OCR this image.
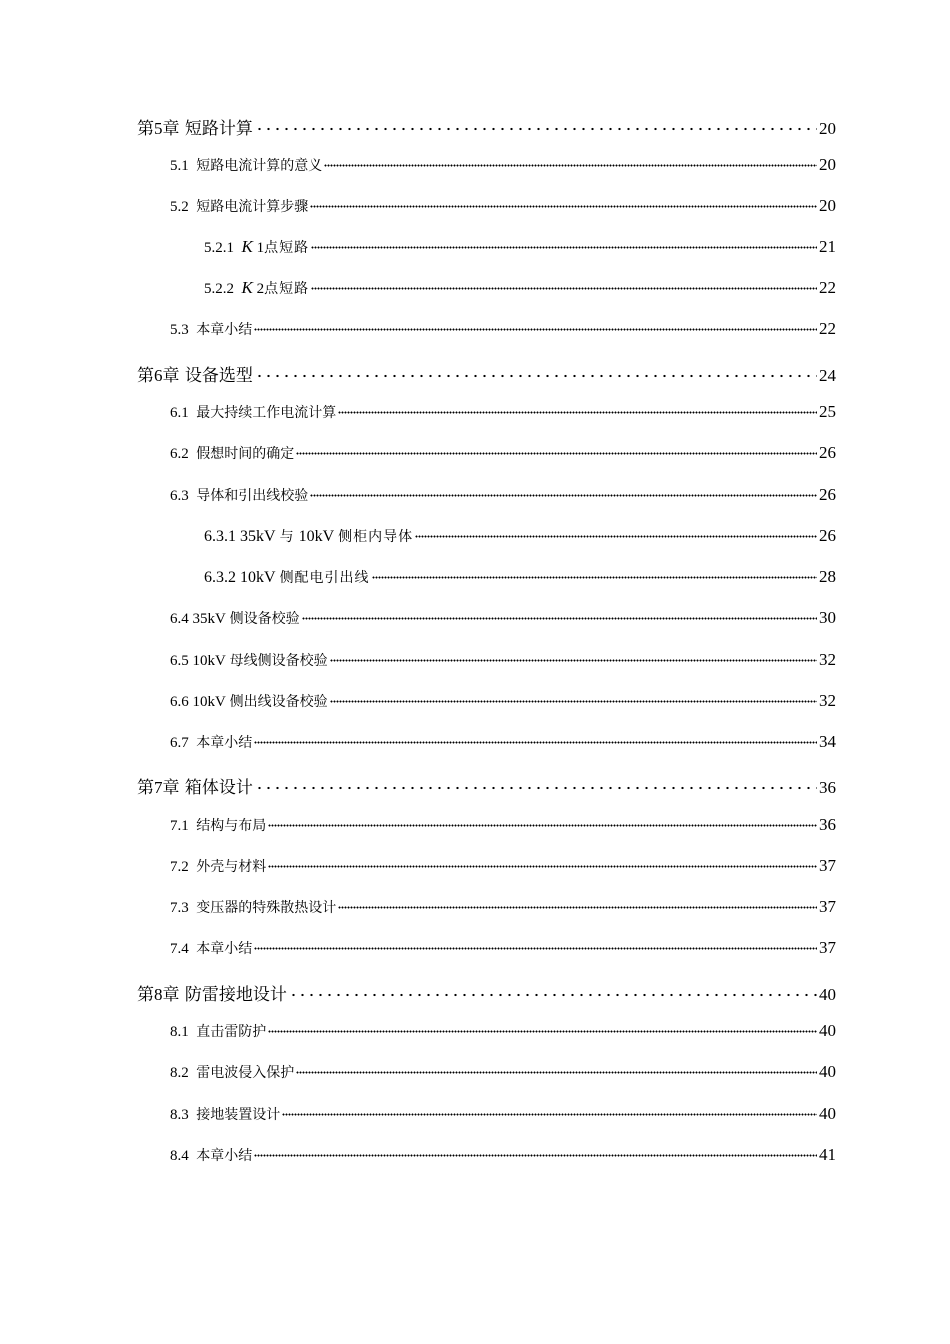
第5章 短路计算	20
5.1 短路电流计算的意义	20
5.2 短路电流计算步骤	20
5.2.1 K 1点短路	21
5.2.2 K 2点短路	22
5.3 本章小结	22
第6章 设备选型	24
6.1 最大持续工作电流计算	25
6.2 假想时间的确定	26
6.3 导体和引出线校验	26
6.3.1 35kV 与 10kV 侧柜内导体	26
6.3.2 10kV 侧配电引出线	28
6.4 35kV 侧设备校验	30
6.5 10kV 母线侧设备校验	32
6.6 10kV 侧出线设备校验	32
6.7 本章小结	34
第7章 箱体设计	36
7.1 结构与布局	36
7.2 外壳与材料	37
7.3 变压器的特殊散热设计	37
7.4 本章小结	37
第8章 防雷接地设计	40
8.1 直击雷防护	40
8.2 雷电波侵入保护	40
8.3 接地装置设计	40
8.4 本章小结	41
